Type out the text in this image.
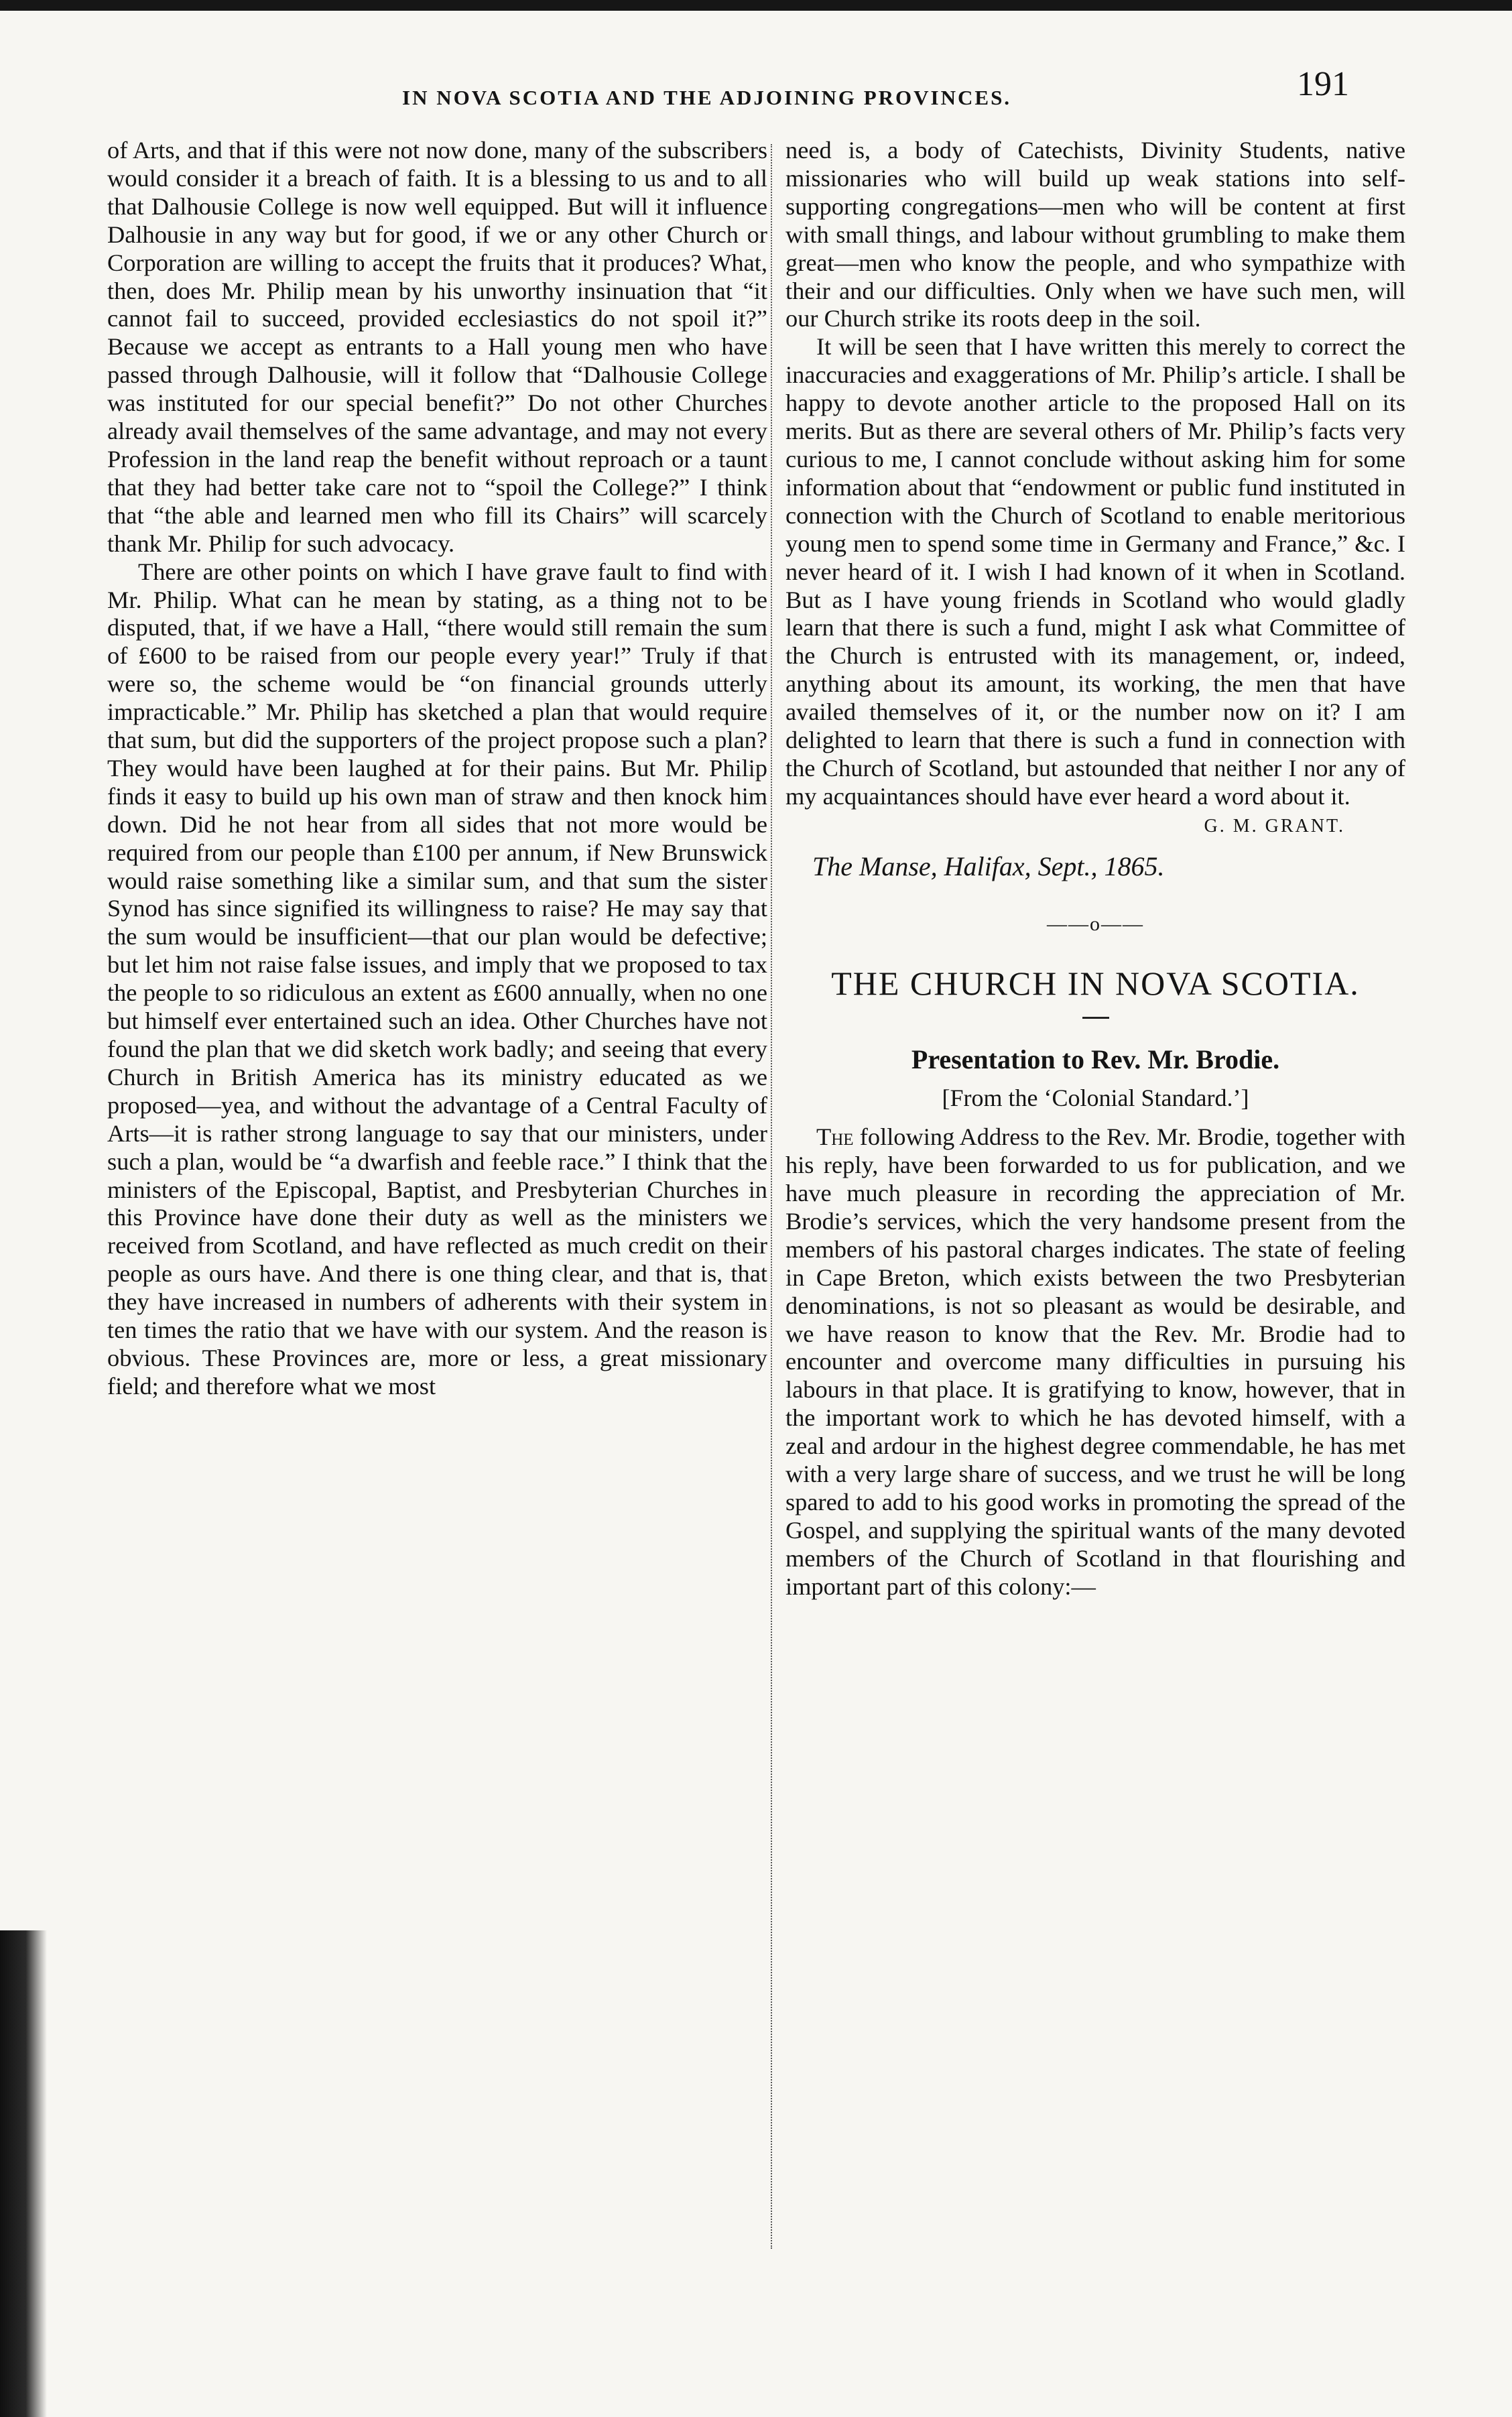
IN NOVA SCOTIA AND THE ADJOINING PROVINCES.	191

of Arts, and that if this were not now done, many of the subscribers would consider it a breach of faith. It is a blessing to us and to all that Dalhousie College is now well equipped. But will it influence Dalhousie in any way but for good, if we or any other Church or Corporation are willing to accept the fruits that it produces? What, then, does Mr. Philip mean by his unworthy insinuation that “it cannot fail to succeed, provided ecclesiastics do not spoil it?” Because we accept as entrants to a Hall young men who have passed through Dalhousie, will it follow that “Dalhousie College was instituted for our special benefit?” Do not other Churches already avail themselves of the same advantage, and may not every Profession in the land reap the benefit without reproach or a taunt that they had better take care not to “spoil the College?” I think that “the able and learned men who fill its Chairs” will scarcely thank Mr. Philip for such advocacy.

There are other points on which I have grave fault to find with Mr. Philip. What can he mean by stating, as a thing not to be disputed, that, if we have a Hall, “there would still remain the sum of £600 to be raised from our people every year!” Truly if that were so, the scheme would be “on financial grounds utterly impracticable.” Mr. Philip has sketched a plan that would require that sum, but did the supporters of the project propose such a plan? They would have been laughed at for their pains. But Mr. Philip finds it easy to build up his own man of straw and then knock him down. Did he not hear from all sides that not more would be required from our people than £100 per annum, if New Brunswick would raise something like a similar sum, and that sum the sister Synod has since signified its willingness to raise? He may say that the sum would be insufficient—that our plan would be defective; but let him not raise false issues, and imply that we proposed to tax the people to so ridiculous an extent as £600 annually, when no one but himself ever entertained such an idea. Other Churches have not found the plan that we did sketch work badly; and seeing that every Church in British America has its ministry educated as we proposed—yea, and without the advantage of a Central Faculty of Arts—it is rather strong language to say that our ministers, under such a plan, would be “a dwarfish and feeble race.” I think that the ministers of the Episcopal, Baptist, and Presbyterian Churches in this Province have done their duty as well as the ministers we received from Scotland, and have reflected as much credit on their people as ours have. And there is one thing clear, and that is, that they have increased in numbers of adherents with their system in ten times the ratio that we have with our system. And the reason is obvious. These Provinces are, more or less, a great missionary field; and therefore what we most

need is, a body of Catechists, Divinity Students, native missionaries who will build up weak stations into self-supporting congregations—men who will be content at first with small things, and labour without grumbling to make them great—men who know the people, and who sympathize with their and our difficulties. Only when we have such men, will our Church strike its roots deep in the soil.

It will be seen that I have written this merely to correct the inaccuracies and exaggerations of Mr. Philip’s article. I shall be happy to devote another article to the proposed Hall on its merits. But as there are several others of Mr. Philip’s facts very curious to me, I cannot conclude without asking him for some information about that “endowment or public fund instituted in connection with the Church of Scotland to enable meritorious young men to spend some time in Germany and France,” &c. I never heard of it. I wish I had known of it when in Scotland. But as I have young friends in Scotland who would gladly learn that there is such a fund, might I ask what Committee of the Church is entrusted with its management, or, indeed, anything about its amount, its working, the men that have availed themselves of it, or the number now on it? I am delighted to learn that there is such a fund in connection with the Church of Scotland, but astounded that neither I nor any of my acquaintances should have ever heard a word about it.

G. M. GRANT.
The Manse, Halifax, Sept., 1865.
——o——
THE CHURCH IN NOVA SCOTIA.
Presentation to Rev. Mr. Brodie.
[From the ‘Colonial Standard.’]

The following Address to the Rev. Mr. Brodie, together with his reply, have been forwarded to us for publication, and we have much pleasure in recording the appreciation of Mr. Brodie’s services, which the very handsome present from the members of his pastoral charges indicates. The state of feeling in Cape Breton, which exists between the two Presbyterian denominations, is not so pleasant as would be desirable, and we have reason to know that the Rev. Mr. Brodie had to encounter and overcome many difficulties in pursuing his labours in that place. It is gratifying to know, however, that in the important work to which he has devoted himself, with a zeal and ardour in the highest degree commendable, he has met with a very large share of success, and we trust he will be long spared to add to his good works in promoting the spread of the Gospel, and supplying the spiritual wants of the many devoted members of the Church of Scotland in that flourishing and important part of this colony:—
